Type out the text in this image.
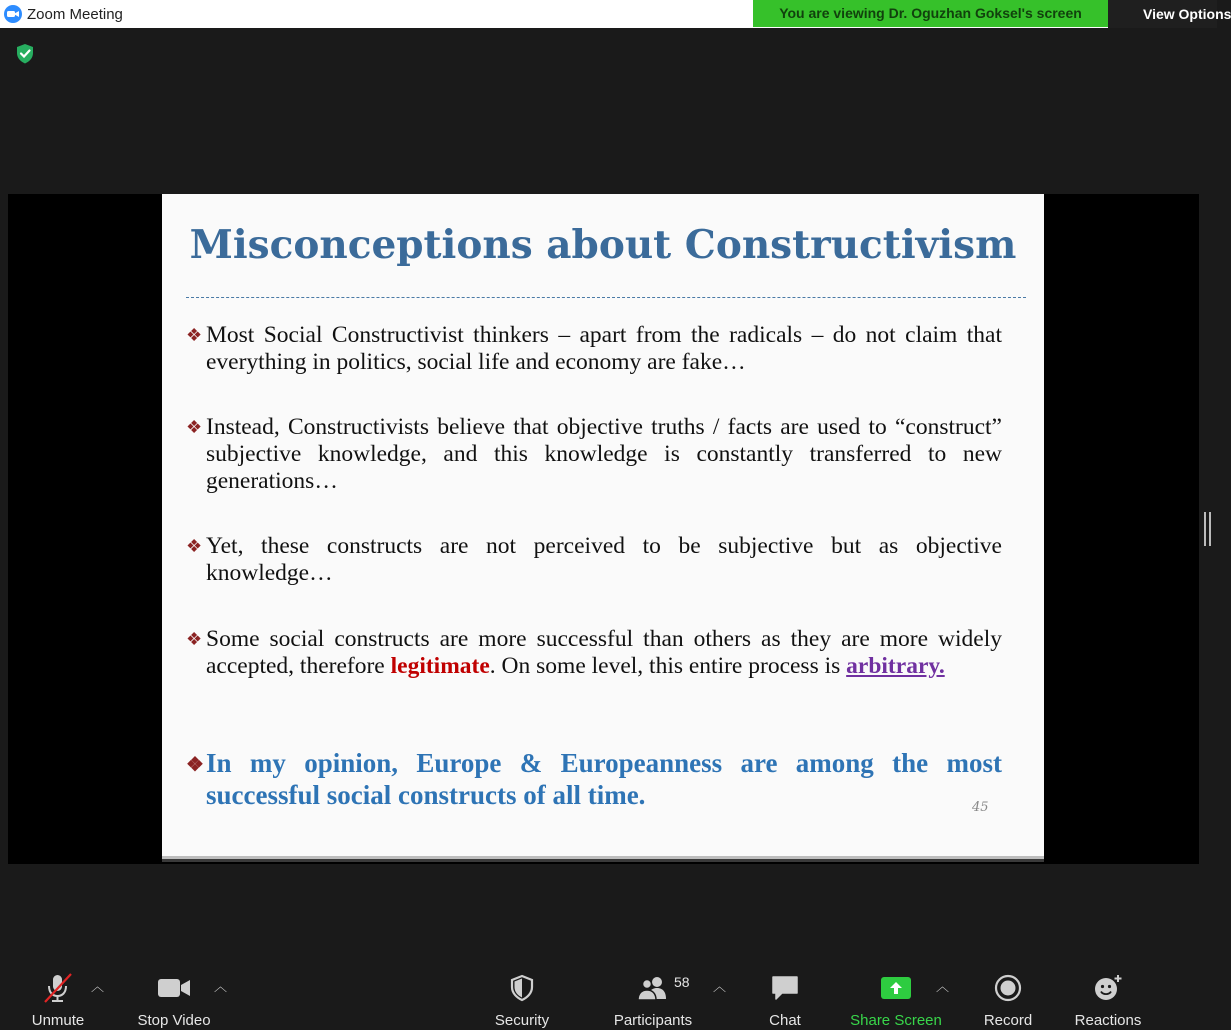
Zoom Meeting	You are viewing Dr. Oguzhan Goksel's screen	View Options
Misconceptions about Constructivism
❖ Most Social Constructivist thinkers – apart from the radicals – do not claim that everything in politics, social life and economy are fake…
❖ Instead, Constructivists believe that objective truths / facts are used to “construct” subjective knowledge, and this knowledge is constantly transferred to new generations…
❖ Yet, these constructs are not perceived to be subjective but as objective knowledge…
❖ Some social constructs are more successful than others as they are more widely accepted, therefore legitimate. On some level, this entire process is arbitrary.
❖ In my opinion, Europe & Europeanness are among the most successful social constructs of all time.	45
Unmute
︿
Stop Video
︿
Security	Participants
58 ︿
Chat	Share Screen
︿
Record	Reactions
